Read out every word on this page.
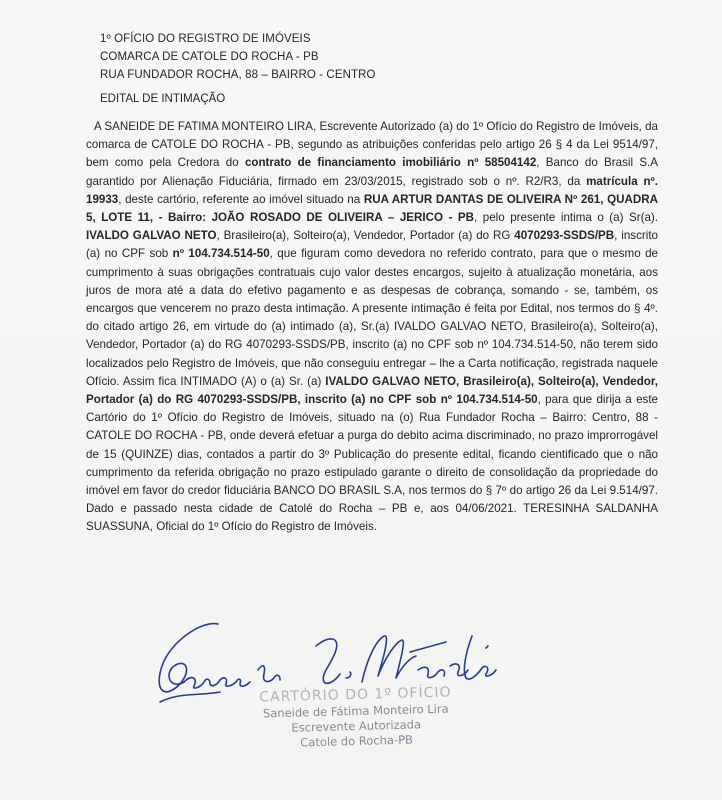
1º OFÍCIO DO REGISTRO DE IMÓVEIS
COMARCA DE CATOLE DO ROCHA - PB
RUA FUNDADOR ROCHA, 88 – BAIRRO - CENTRO
EDITAL DE INTIMAÇÃO
A SANEIDE DE FATIMA MONTEIRO LIRA, Escrevente Autorizado (a) do 1º Ofício do Registro de Imóveis, da comarca de CATOLE DO ROCHA - PB, segundo as atribuições conferidas pelo artigo 26 § 4 da Lei 9514/97, bem como pela Credora do contrato de financiamento imobiliário nº 58504142, Banco do Brasil S.A garantido por Alienação Fiduciária, firmado em 23/03/2015, registrado sob o nº. R2/R3, da matrícula nº. 19933, deste cartório, referente ao imóvel situado na RUA ARTUR DANTAS DE OLIVEIRA Nº 261, QUADRA 5, LOTE 11, - Bairro: JOÃO ROSADO DE OLIVEIRA – JERICO - PB, pelo presente intima o (a) Sr(a). IVALDO GALVAO NETO, Brasileiro(a), Solteiro(a), Vendedor, Portador (a) do RG 4070293-SSDS/PB, inscrito (a) no CPF sob nº 104.734.514-50, que figuram como devedora no referido contrato, para que o mesmo de cumprimento à suas obrigações contratuais cujo valor destes encargos, sujeito à atualização monetária, aos juros de mora até a data do efetivo pagamento e as despesas de cobrança, somando - se, também, os encargos que vencerem no prazo desta intimação. A presente intimação é feita por Edital, nos termos do § 4º. do citado artigo 26, em virtude do (a) intimado (a), Sr.(a) IVALDO GALVAO NETO, Brasileiro(a), Solteiro(a), Vendedor, Portador (a) do RG 4070293-SSDS/PB, inscrito (a) no CPF sob nº 104.734.514-50, não terem sido localizados pelo Registro de Imóveis, que não conseguiu entregar – lhe a Carta notificação, registrada naquele Ofício. Assim fica INTIMADO (A) o (a) Sr. (a) IVALDO GALVAO NETO, Brasileiro(a), Solteiro(a), Vendedor, Portador (a) do RG 4070293-SSDS/PB, inscrito (a) no CPF sob nº 104.734.514-50, para que dirija a este Cartório do 1º Ofício do Registro de Imóveis, situado na (o) Rua Fundador Rocha – Bairro: Centro, 88 - CATOLE DO ROCHA - PB, onde deverá efetuar a purga do debito acima discriminado, no prazo improrrogável de 15 (QUINZE) dias, contados a partir do 3º Publicação do presente edital, ficando cientificado que o não cumprimento da referida obrigação no prazo estipulado garante o direito de consolidação da propriedade do imóvel em favor do credor fiduciária BANCO DO BRASIL S.A, nos termos do § 7º do artigo 26 da Lei 9.514/97. Dado e passado nesta cidade de Catolé do Rocha – PB e, aos 04/06/2021. TERESINHA SALDANHA SUASSUNA, Oficial do 1º Ofício do Registro de Imóveis.
Saneide de F. Monteiro Lira
CARTÓRIO DO 1º OFÍCIO
Saneide de Fátima Monteiro Lira
Escrevente Autorizada
Catole do Rocha-PB
